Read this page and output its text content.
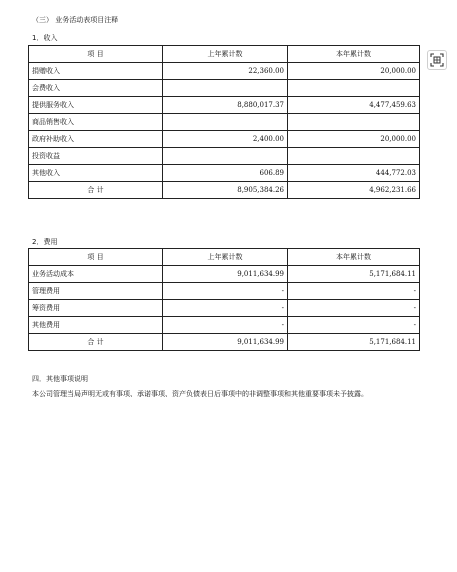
（三） 业务活动表项目注释
1．收入
项 目	上年累计数	本年累计数
捐赠收入	22,360.00	20,000.00
会费收入		
提供服务收入	8,880,017.37	4,477,459.63
商品销售收入		
政府补助收入	2,400.00	20,000.00
投资收益		
其他收入	606.89	444,772.03
合 计	8,905,384.26	4,962,231.66
2．费用
项 目	上年累计数	本年累计数
业务活动成本	9,011,634.99	5,171,684.11
管理费用	-	-
筹资费用	-	-
其他费用	-	-
合 计	9,011,634.99	5,171,684.11
四．其他事项说明
本公司管理当局声明无或有事项、承诺事项、资产负债表日后事项中的非调整事项和其他重要事项未予披露。
